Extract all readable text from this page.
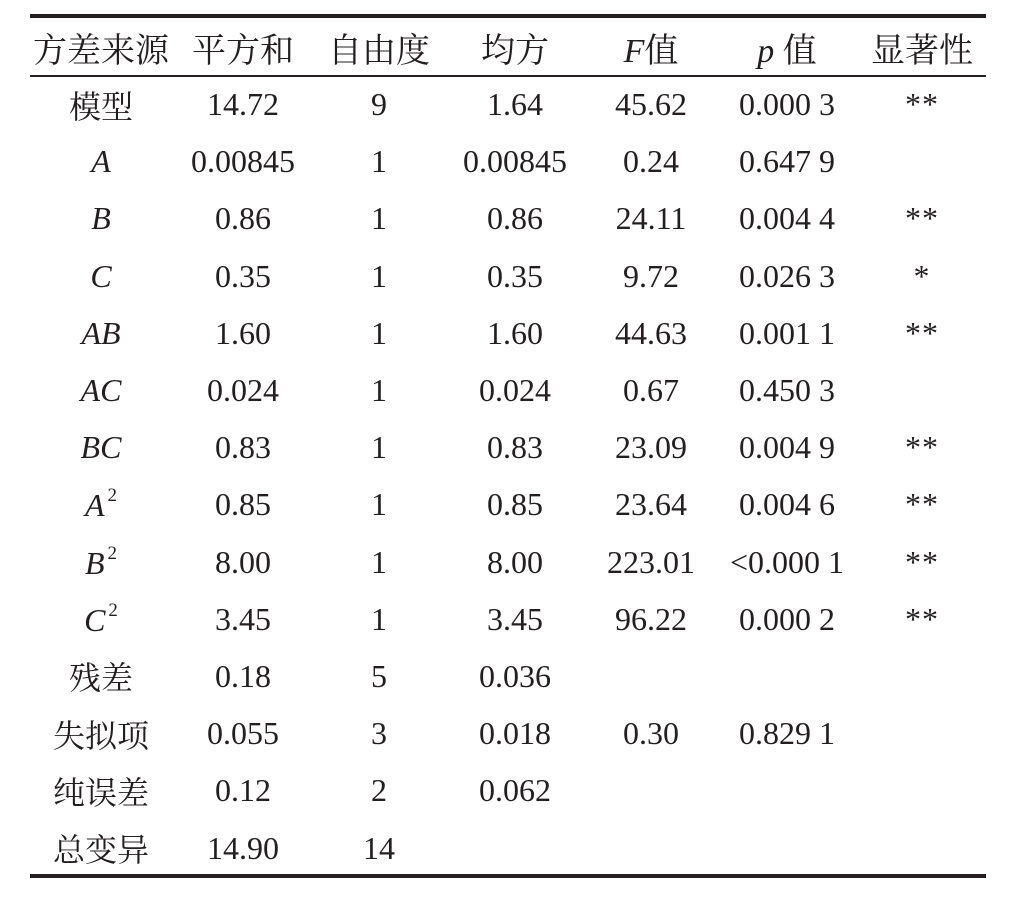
方差来源	平方和	自由度	均方	F值	p 值	显著性
模型	14.72	9	1.64	45.62	0.000 3	**
A	0.00845	1	0.00845	0.24	0.647 9	
B	0.86	1	0.86	24.11	0.004 4	**
C	0.35	1	0.35	9.72	0.026 3	*
AB	1.60	1	1.60	44.63	0.001 1	**
AC	0.024	1	0.024	0.67	0.450 3	
BC	0.83	1	0.83	23.09	0.004 9	**
A $^2$	0.85	1	0.85	23.64	0.004 6	**
B $^2$	8.00	1	8.00	223.01	<0.000 1	**
C $^2$	3.45	1	3.45	96.22	0.000 2	**
残差	0.18	5	0.036			
失拟项	0.055	3	0.018	0.30	0.829 1	
纯误差	0.12	2	0.062			
总变异	14.90	14				
